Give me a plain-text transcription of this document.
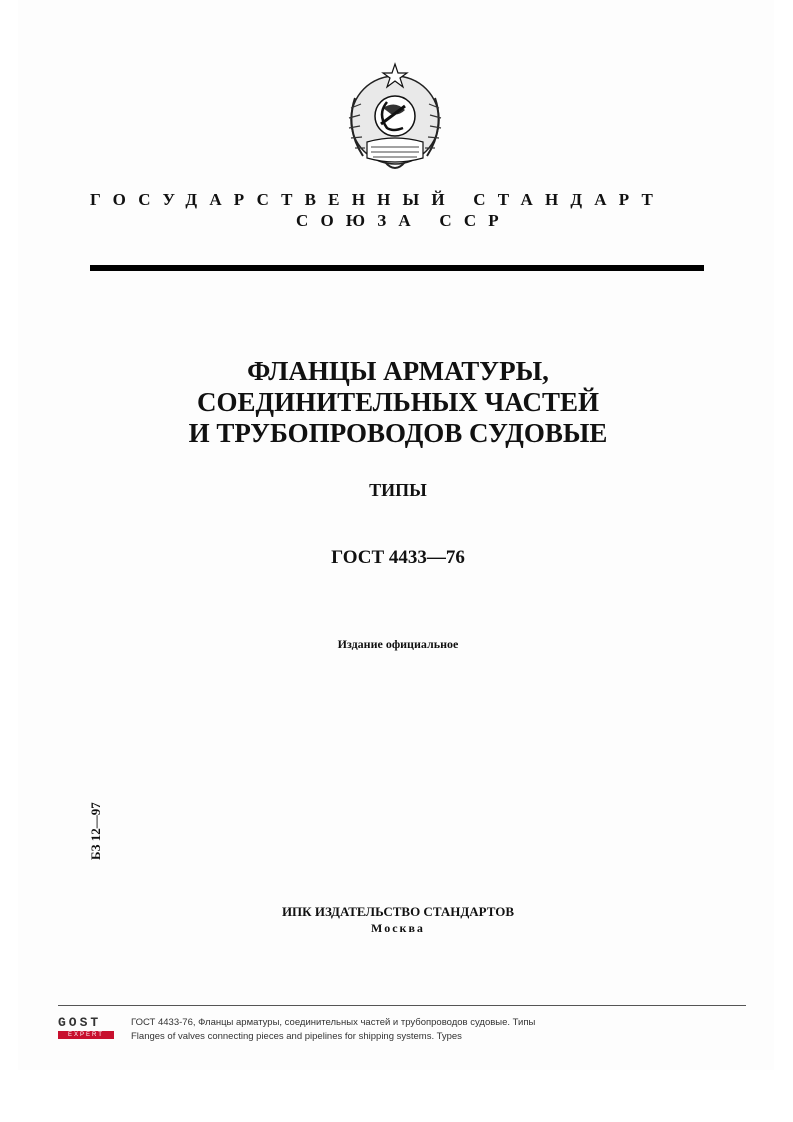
ГОСУДАРСТВЕННЫЙ СТАНДАРТ
СОЮЗА ССР
ФЛАНЦЫ АРМАТУРЫ,
СОЕДИНИТЕЛЬНЫХ ЧАСТЕЙ
И ТРУБОПРОВОДОВ СУДОВЫЕ
ТИПЫ
ГОСТ 4433—76
Издание официальное
БЗ 12—97
ИПК ИЗДАТЕЛЬСТВО СТАНДАРТОВ
Москва
GOST
EXPERT
ГОСТ 4433-76, Фланцы арматуры, соединительных частей и трубопроводов судовые. Типы
Flanges of valves connecting pieces and pipelines for shipping systems. Types
